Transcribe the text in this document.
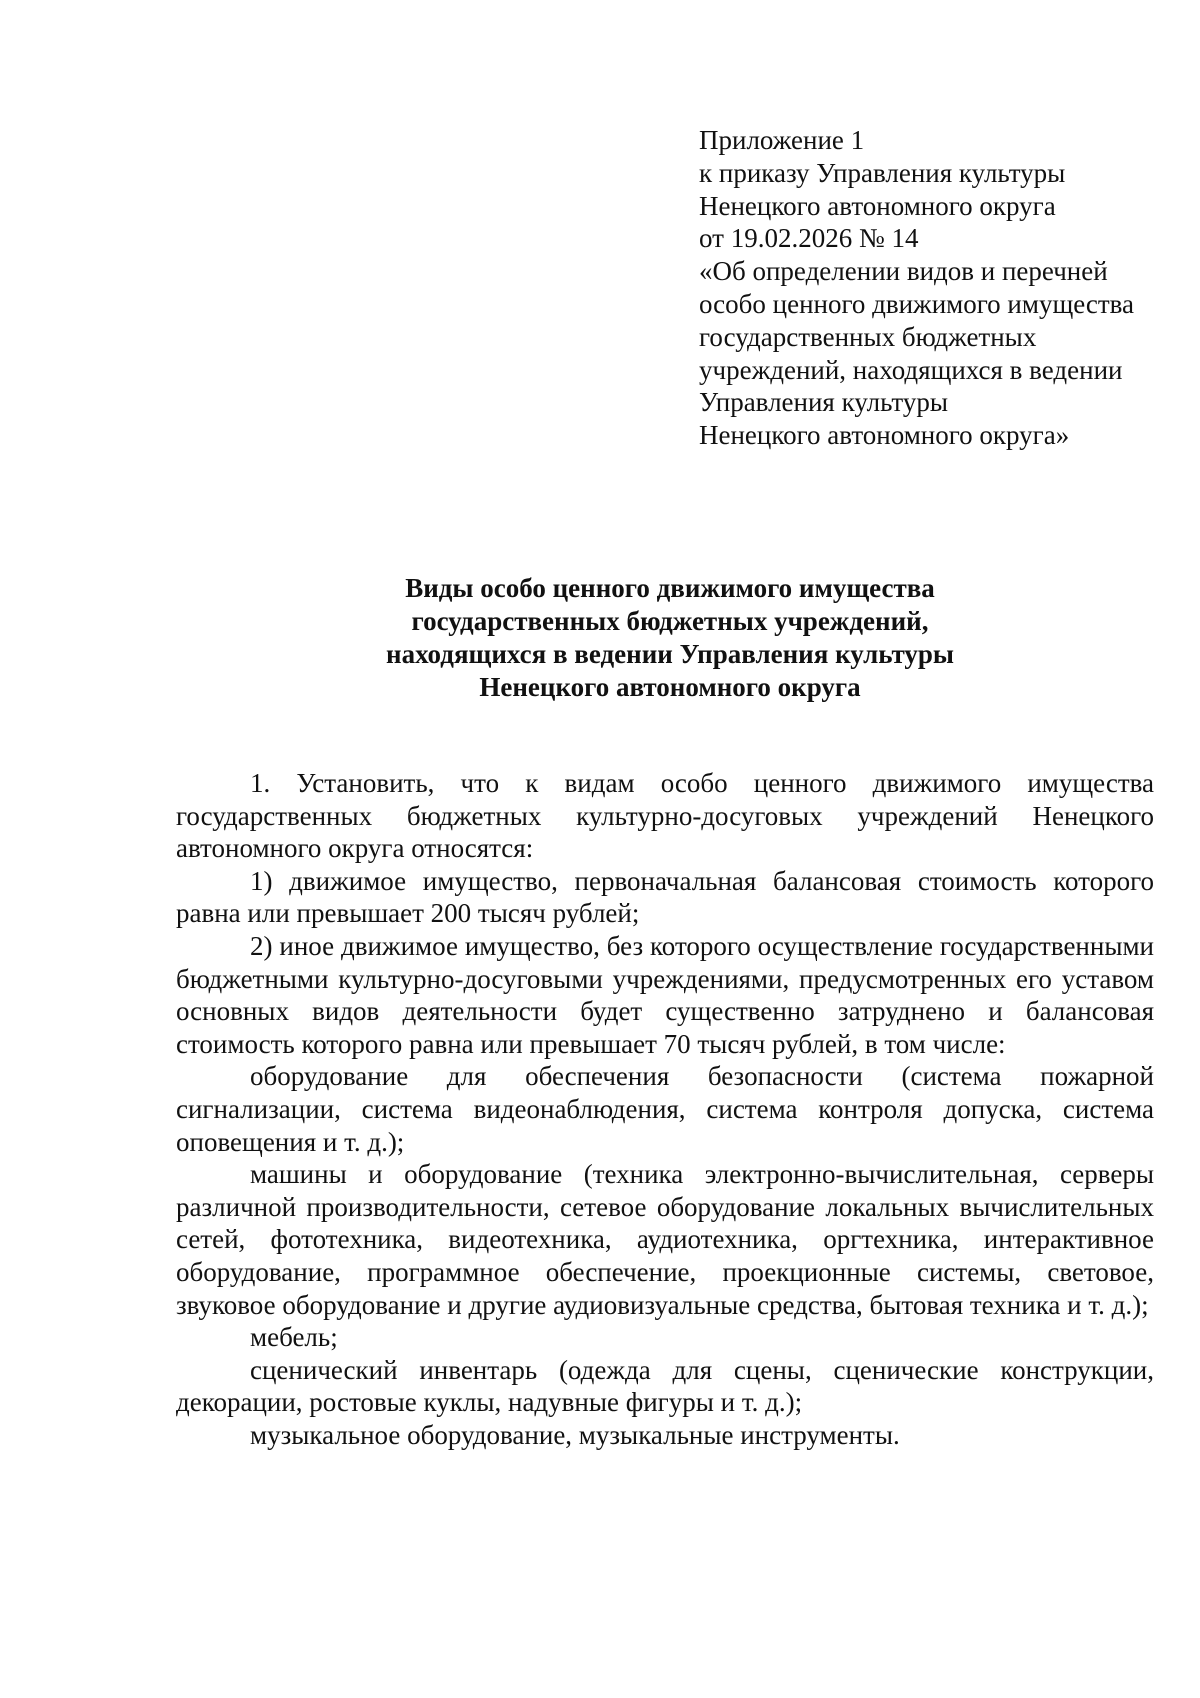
Приложение 1
к приказу Управления культуры
Ненецкого автономного округа
от 19.02.2026 № 14
«Об определении видов и перечней
особо ценного движимого имущества
государственных бюджетных
учреждений, находящихся в ведении
Управления культуры
Ненецкого автономного округа»
Виды особо ценного движимого имущества
государственных бюджетных учреждений,
находящихся в ведении Управления культуры
Ненецкого автономного округа

1. Установить, что к видам особо ценного движимого имущества государственных бюджетных культурно-досуговых учреждений Ненецкого автономного округа относятся:

1) движимое имущество, первоначальная балансовая стоимость которого равна или превышает 200 тысяч рублей;

2) иное движимое имущество, без которого осуществление государственными бюджетными культурно-досуговыми учреждениями, предусмотренных его уставом основных видов деятельности будет существенно затруднено и балансовая стоимость которого равна или превышает 70 тысяч рублей, в том числе:

оборудование для обеспечения безопасности (система пожарной сигнализации, система видеонаблюдения, система контроля допуска, система оповещения и т. д.);

машины и оборудование (техника электронно-вычислительная, серверы различной производительности, сетевое оборудование локальных вычислительных сетей, фототехника, видеотехника, аудиотехника, оргтехника, интерактивное оборудование, программное обеспечение, проекционные системы, световое, звуковое оборудование и другие аудиовизуальные средства, бытовая техника и т. д.);

мебель;

сценический инвентарь (одежда для сцены, сценические конструкции, декорации, ростовые куклы, надувные фигуры и т. д.);

музыкальное оборудование, музыкальные инструменты.
